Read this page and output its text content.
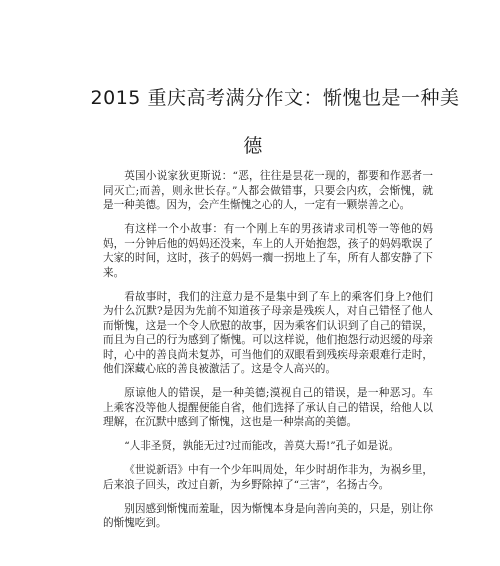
2015 重庆高考满分作文：惭愧也是一种美
德

英国小说家狄更斯说：“恶，往往是昙花一现的，都要和作恶者一同灭亡;而善，则永世长存。”人都会做错事，只要会内疚，会惭愧，就是一种美德。因为，会产生惭愧之心的人，一定有一颗崇善之心。

有这样一个小故事：有一个刚上车的男孩请求司机等一等他的妈妈，一分钟后他的妈妈还没来，车上的人开始抱怨，孩子的妈妈歌误了大家的时间，这时，孩子的妈妈一瘸一拐地上了车，所有人都安静了下来。

看故事时，我们的注意力是不是集中到了车上的乘客们身上?他们为什么沉默?是因为先前不知道孩子母亲是残疾人，对自己错怪了他人而惭愧，这是一个令人欣慰的故事，因为乘客们认识到了自己的错误，而且为自己的行为感到了惭愧。可以这样说，他们抱怨行动迟缓的母亲时，心中的善良尚未复苏，可当他们的双眼看到残疾母亲艰难行走时，他们深藏心底的善良被激活了。这是令人高兴的。

原谅他人的错误，是一种美德;漠视自己的错误，是一种恶习。车上乘客没等他人提醒便能自省，他们选择了承认自己的错误，给他人以理解，在沉默中感到了惭愧，这也是一种崇高的美德。

“人非圣贤，孰能无过?过而能改，善莫大焉!”孔子如是说。

《世说新语》中有一个少年叫周处，年少时胡作非为，为祸乡里，后来浪子回头，改过自新，为乡野除掉了“三害”，名扬古今。

别因感到惭愧而羞耻，因为惭愧本身是向善向美的，只是，别让你的惭愧吃到。
